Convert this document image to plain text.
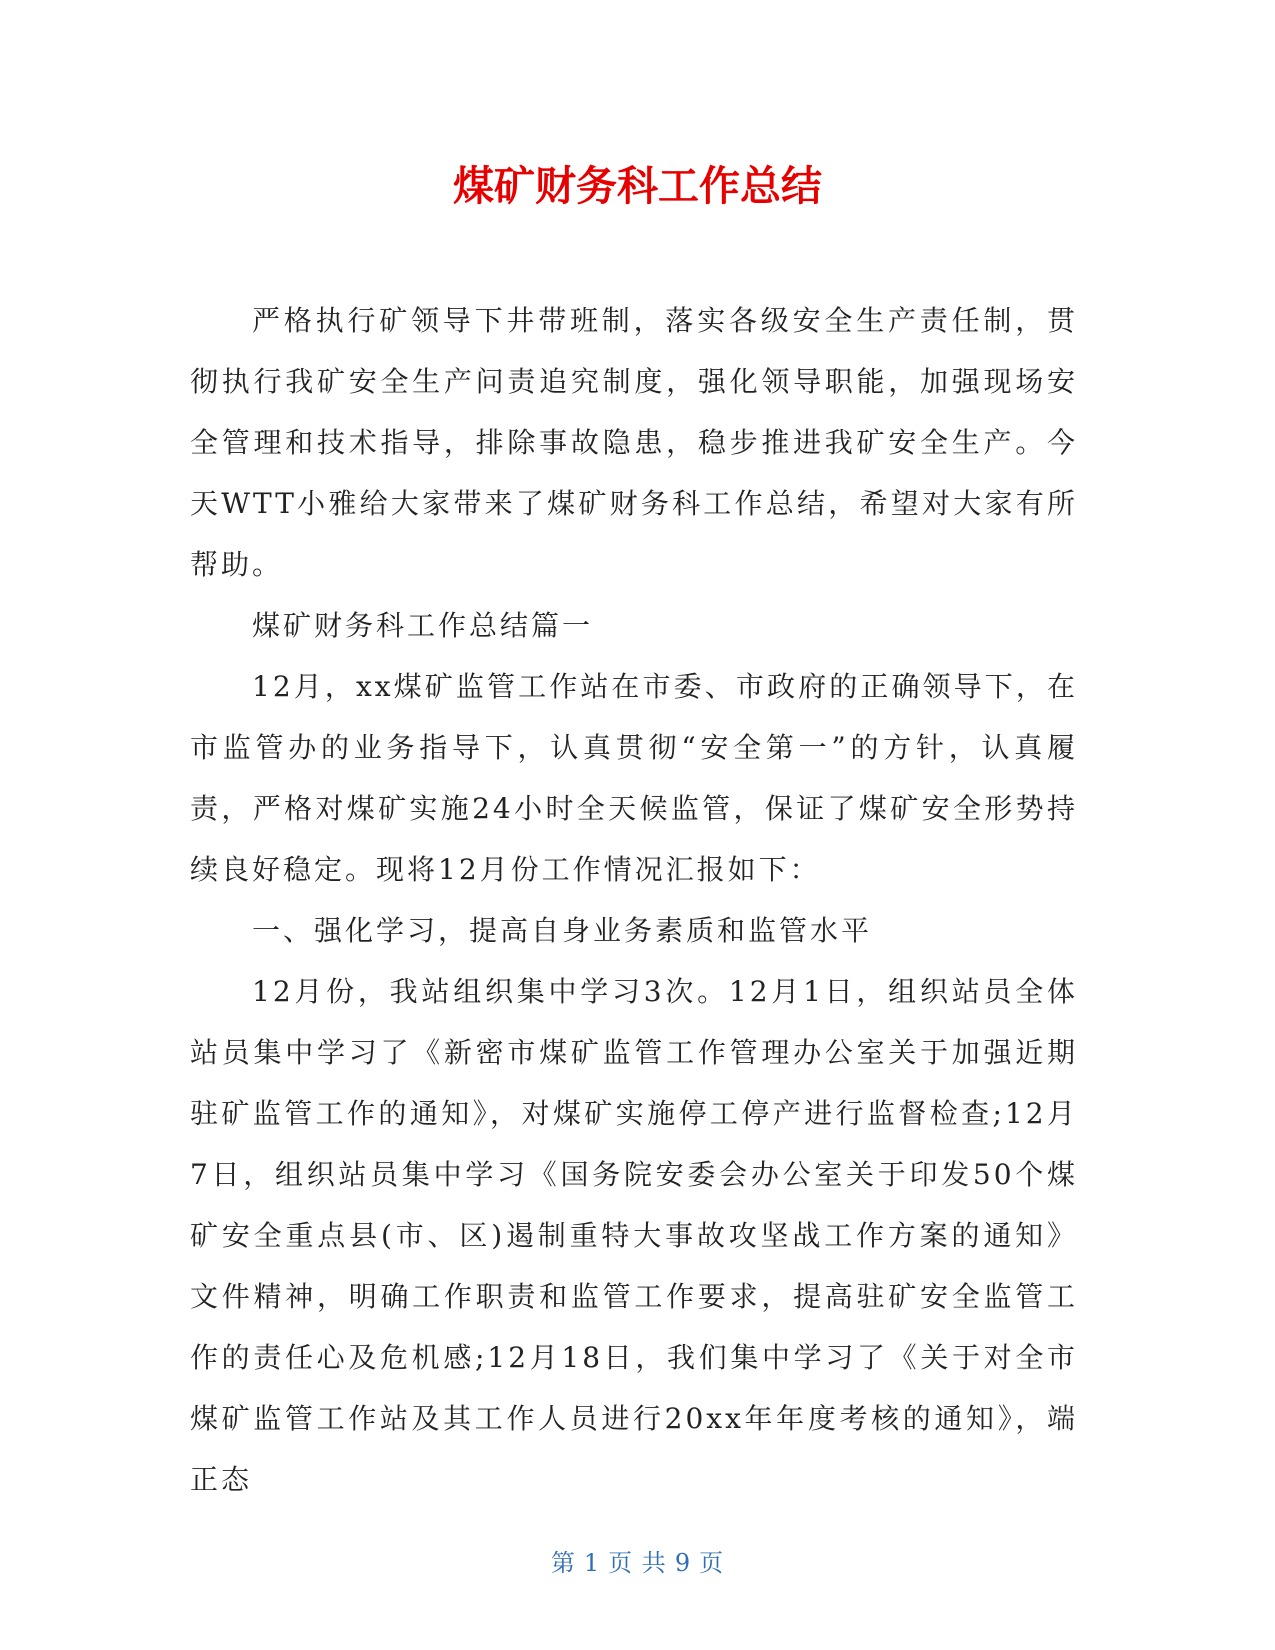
煤矿财务科工作总结

严格执行矿领导下井带班制，落实各级安全生产责任制，贯彻执行我矿安全生产问责追究制度，强化领导职能，加强现场安全管理和技术指导，排除事故隐患，稳步推进我矿安全生产。今天WTT小雅给大家带来了煤矿财务科工作总结，希望对大家有所帮助。

煤矿财务科工作总结篇一

12月，xx煤矿监管工作站在市委、市政府的正确领导下，在市监管办的业务指导下，认真贯彻“安全第一”的方针，认真履责，严格对煤矿实施24小时全天候监管，保证了煤矿安全形势持续良好稳定。现将12月份工作情况汇报如下：

一、强化学习，提高自身业务素质和监管水平

12月份，我站组织集中学习3次。12月1日，组织站员全体站员集中学习了《新密市煤矿监管工作管理办公室关于加强近期驻矿监管工作的通知》，对煤矿实施停工停产进行监督检查;12月7日，组织站员集中学习《国务院安委会办公室关于印发50个煤矿安全重点县(市、区)遏制重特大事故攻坚战工作方案的通知》文件精神，明确工作职责和监管工作要求，提高驻矿安全监管工作的责任心及危机感;12月18日，我们集中学习了《关于对全市煤矿监管工作站及其工作人员进行20xx年年度考核的通知》，端正态

第 1 页 共 9 页
